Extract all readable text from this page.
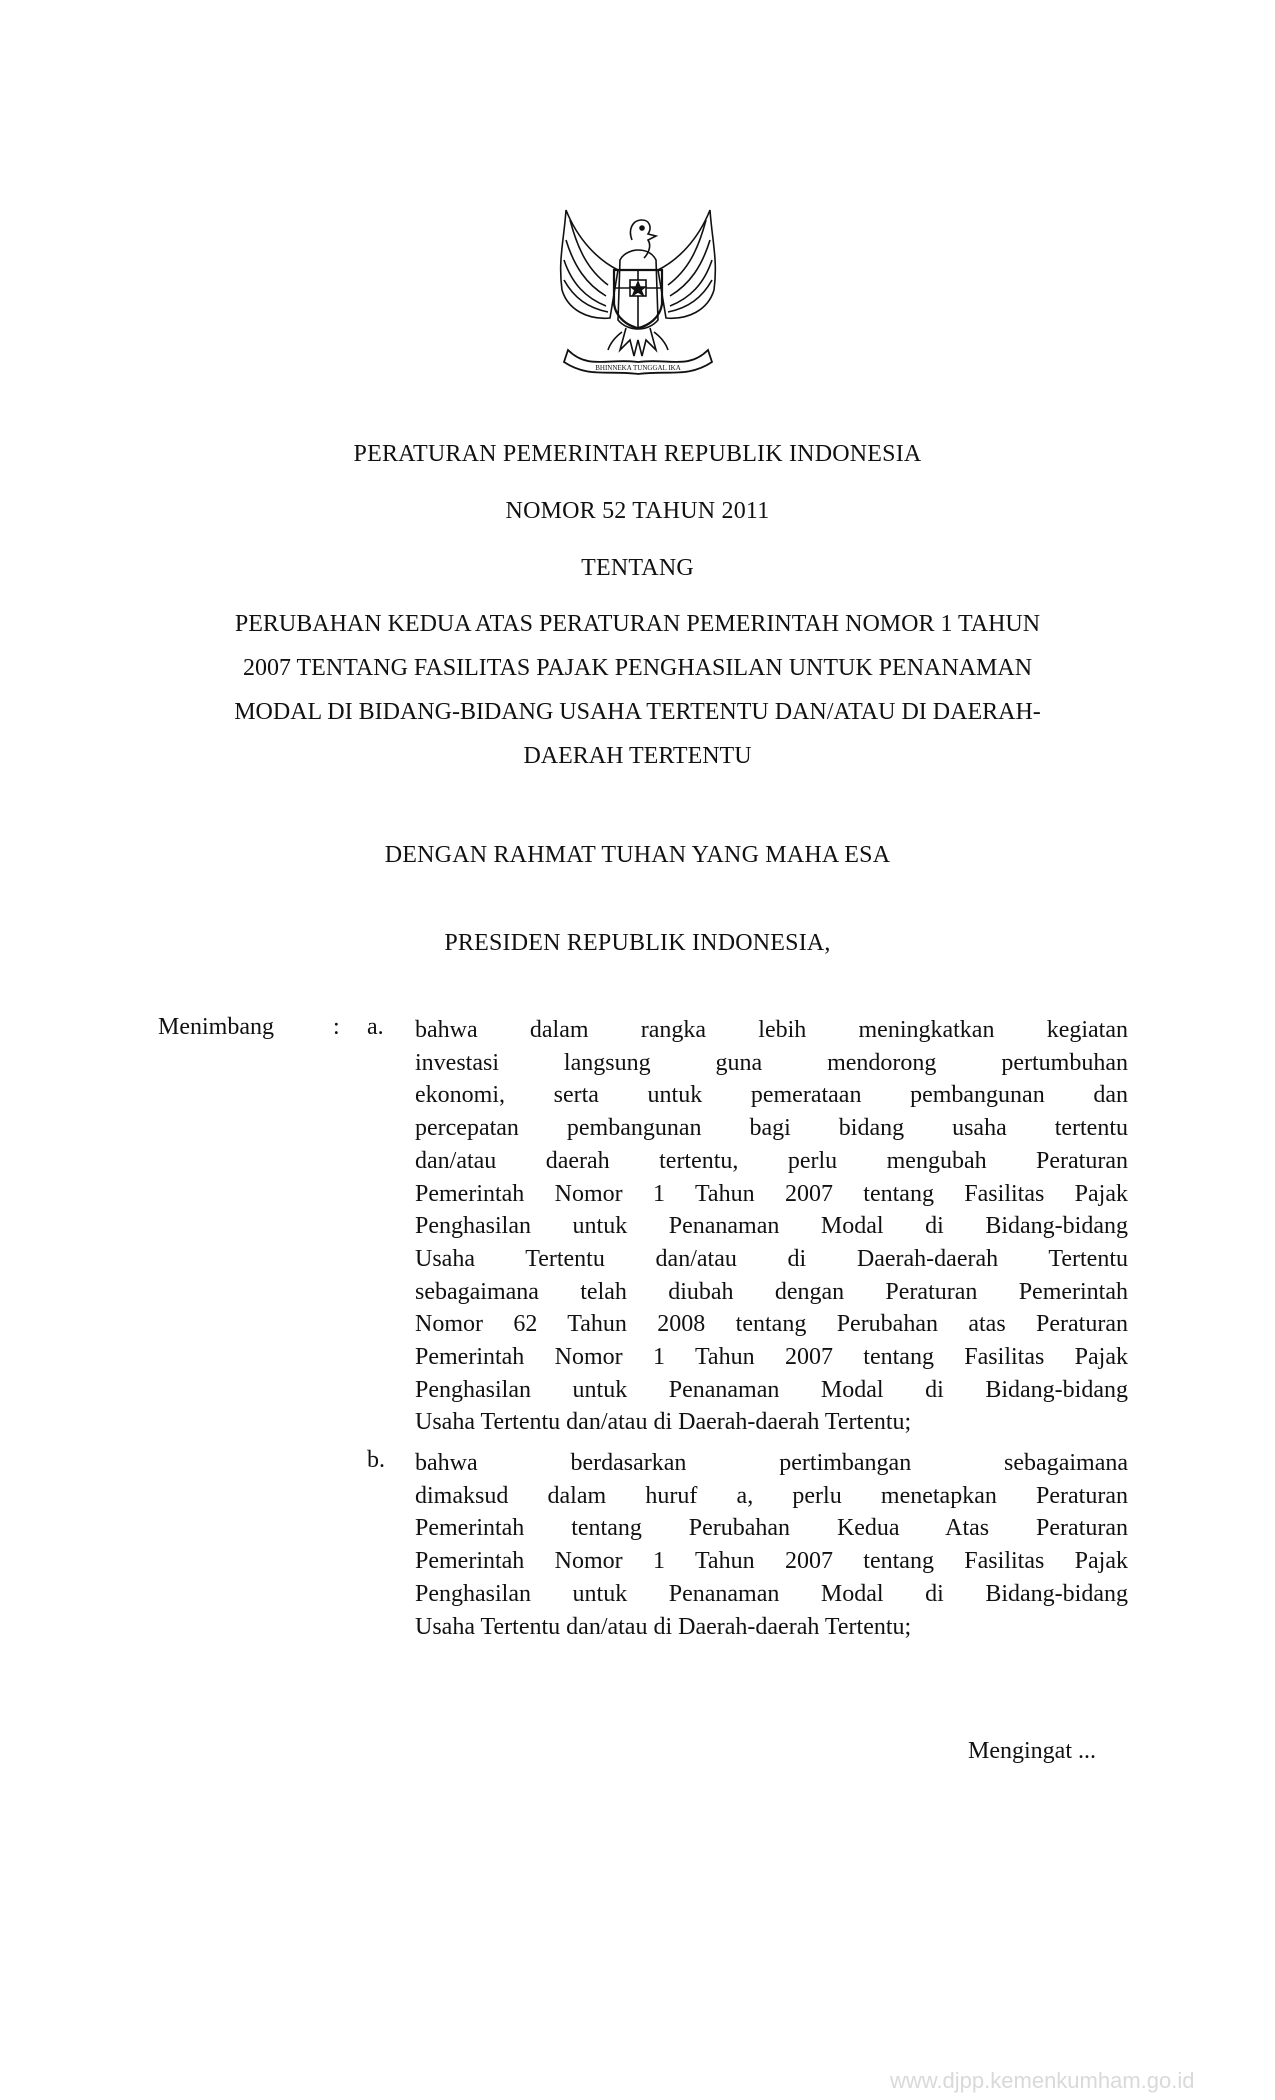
BHINNEKA TUNGGAL IKA
PERATURAN PEMERINTAH REPUBLIK INDONESIA
NOMOR 52 TAHUN 2011
TENTANG
PERUBAHAN KEDUA ATAS PERATURAN PEMERINTAH NOMOR 1 TAHUN
2007 TENTANG FASILITAS PAJAK PENGHASILAN UNTUK PENANAMAN
MODAL DI BIDANG-BIDANG USAHA TERTENTU DAN/ATAU DI DAERAH-
DAERAH TERTENTU
DENGAN RAHMAT TUHAN YANG MAHA ESA
PRESIDEN REPUBLIK INDONESIA,
Menimbang : a. bahwa dalam rangka lebih meningkatkan kegiatan
investasi langsung guna mendorong pertumbuhan
ekonomi, serta untuk pemerataan pembangunan dan
percepatan pembangunan bagi bidang usaha tertentu
dan/atau daerah tertentu, perlu mengubah Peraturan
Pemerintah Nomor 1 Tahun 2007 tentang Fasilitas Pajak
Penghasilan untuk Penanaman Modal di Bidang-bidang
Usaha Tertentu dan/atau di Daerah-daerah Tertentu
sebagaimana telah diubah dengan Peraturan Pemerintah
Nomor 62 Tahun 2008 tentang Perubahan atas Peraturan
Pemerintah Nomor 1 Tahun 2007 tentang Fasilitas Pajak
Penghasilan untuk Penanaman Modal di Bidang-bidang
Usaha Tertentu dan/atau di Daerah-daerah Tertentu;
b. bahwa berdasarkan pertimbangan sebagaimana
dimaksud dalam huruf a, perlu menetapkan Peraturan
Pemerintah tentang Perubahan Kedua Atas Peraturan
Pemerintah Nomor 1 Tahun 2007 tentang Fasilitas Pajak
Penghasilan untuk Penanaman Modal di Bidang-bidang
Usaha Tertentu dan/atau di Daerah-daerah Tertentu;
Mengingat ...
www.djpp.kemenkumham.go.id
